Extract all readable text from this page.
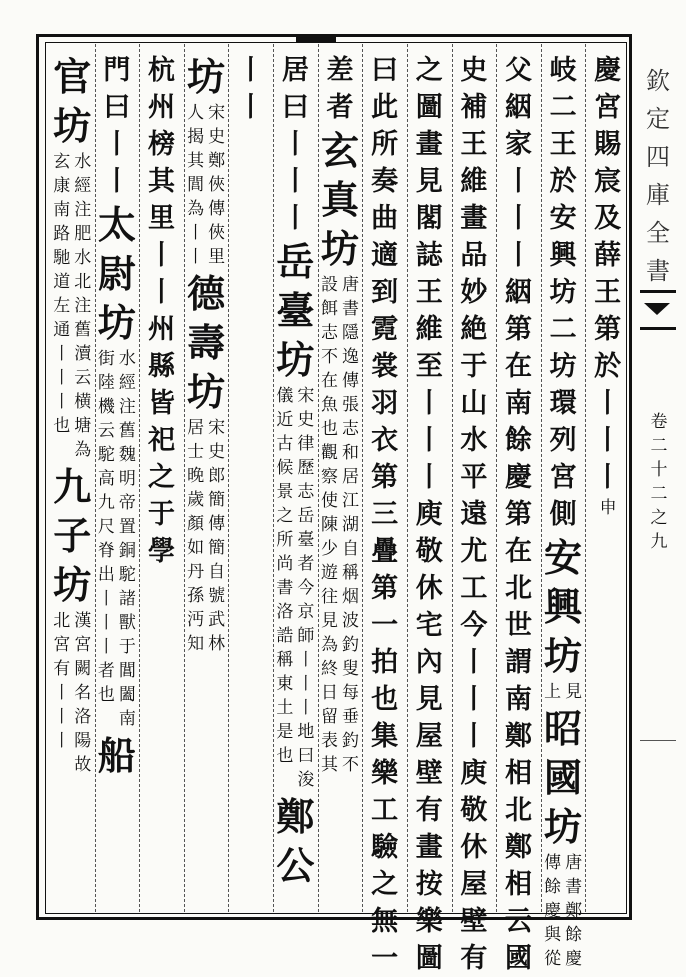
慶
宮
賜
宸
及
薛
王
第
於
丨
丨
丨
申
岐
二
王
於
安
興
坊
二
坊
環
列
宮
側
安
興
坊
見
上
昭
國
坊
唐
書
鄭
餘
慶
傳
餘
慶
與
從
父
絪
家
丨
丨
丨
絪
第
在
南
餘
慶
第
在
北
世
謂
南
鄭
相
北
鄭
相
云
國
史
補
王
維
畫
品
妙
絶
于
山
水
平
遠
尤
工
今
丨
丨
丨
庾
敬
休
屋
壁
有
之
圖
畫
見
閣
誌
王
維
至
丨
丨
丨
庾
敬
休
宅
內
見
屋
壁
有
畫
按
樂
圖
曰
此
所
奏
曲
適
到
霓
裳
羽
衣
第
三
疊
第
一
拍
也
集
樂
工
驗
之
無
一
差
者
玄
真
坊
唐
書
隱
逸
傳
張
志
和
居
江
湖
自
稱
烟
波
釣
叟
每
垂
釣
不
設
餌
志
不
在
魚
也
觀
察
使
陳
少
遊
往
見
為
終
日
留
表
其
居
曰
丨
丨
丨
岳
臺
坊
宋
史
律
歷
志
岳
臺
者
今
京
師
丨
丨
丨
地
曰
浚
儀
近
古
候
景
之
所
尚
書
洛
誥
稱
東
土
是
也
鄭
公
丨
丨
坊
宋
史
鄭
俠
傳
俠
里
人
揭
其
閭
為
丨
丨
德
壽
坊
宋
史
郎
簡
傳
簡
自
號
武
林
居
士
晚
歲
顏
如
丹
孫
沔
知
杭
州
榜
其
里
丨
丨
州
縣
皆
祀
之
于
學
門
曰
丨
丨
太
尉
坊
水
經
注
舊
魏
明
帝
置
銅
駝
諸
獸
于
閶
闔
南
街
陸
機
云
駝
高
九
尺
脊
出
丨
丨
丨
者
也
船
官
坊
水
經
注
肥
水
北
注
舊
瀆
云
横
塘
為
玄
康
南
路
馳
道
左
通
丨
丨
丨
也
九
子
坊
漢
宮
闕
名
洛
陽
故
北
宮
有
丨
丨
丨
欽
定
四
庫
全
書
卷
二
十
二
之
九
